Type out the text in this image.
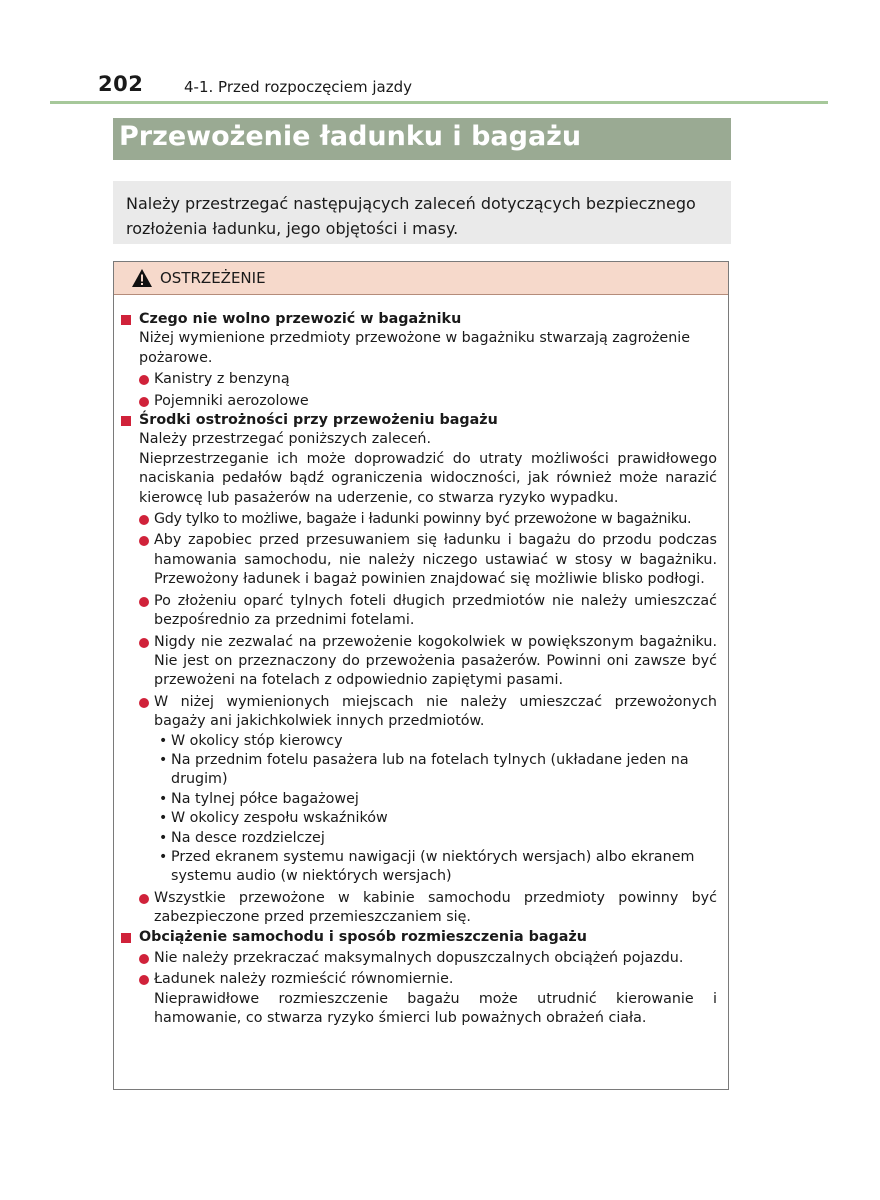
202	4-1. Przed rozpoczęciem jazdy
Przewożenie ładunku i bagażu
Należy przestrzegać następujących zaleceń dotyczących bezpiecznego rozłożenia ładunku, jego objętości i masy.
OSTRZEŻENIE
Czego nie wolno przewozić w bagażniku
Niżej wymienione przedmioty przewożone w bagażniku stwarzają zagrożenie pożarowe.
Kanistry z benzyną
Pojemniki aerozolowe
Środki ostrożności przy przewożeniu bagażu
Należy przestrzegać poniższych zaleceń.
Nieprzestrzeganie ich może doprowadzić do utraty możliwości prawidłowego naciskania pedałów bądź ograniczenia widoczności, jak również może narazić kierowcę lub pasażerów na uderzenie, co stwarza ryzyko wypadku.
Gdy tylko to możliwe, bagaże i ładunki powinny być przewożone w bagażniku.
Aby zapobiec przed przesuwaniem się ładunku i bagażu do przodu podczas hamowania samochodu, nie należy niczego ustawiać w stosy w bagażniku. Przewożony ładunek i bagaż powinien znajdować się możliwie blisko podłogi.
Po złożeniu oparć tylnych foteli długich przedmiotów nie należy umieszczać bezpośrednio za przednimi fotelami.
Nigdy nie zezwalać na przewożenie kogokolwiek w powiększonym bagażniku. Nie jest on przeznaczony do przewożenia pasażerów. Powinni oni zawsze być przewożeni na fotelach z odpowiednio zapiętymi pasami.
W niżej wymienionych miejscach nie należy umieszczać przewożonych bagaży ani jakichkolwiek innych przedmiotów.
• W okolicy stóp kierowcy
• Na przednim fotelu pasażera lub na fotelach tylnych (układane jeden na drugim)
• Na tylnej półce bagażowej
• W okolicy zespołu wskaźników
• Na desce rozdzielczej
• Przed ekranem systemu nawigacji (w niektórych wersjach) albo ekranem systemu audio (w niektórych wersjach)
Wszystkie przewożone w kabinie samochodu przedmioty powinny być zabezpieczone przed przemieszczaniem się.
Obciążenie samochodu i sposób rozmieszczenia bagażu
Nie należy przekraczać maksymalnych dopuszczalnych obciążeń pojazdu.
Ładunek należy rozmieścić równomiernie.
Nieprawidłowe rozmieszczenie bagażu może utrudnić kierowanie i hamowanie, co stwarza ryzyko śmierci lub poważnych obrażeń ciała.
